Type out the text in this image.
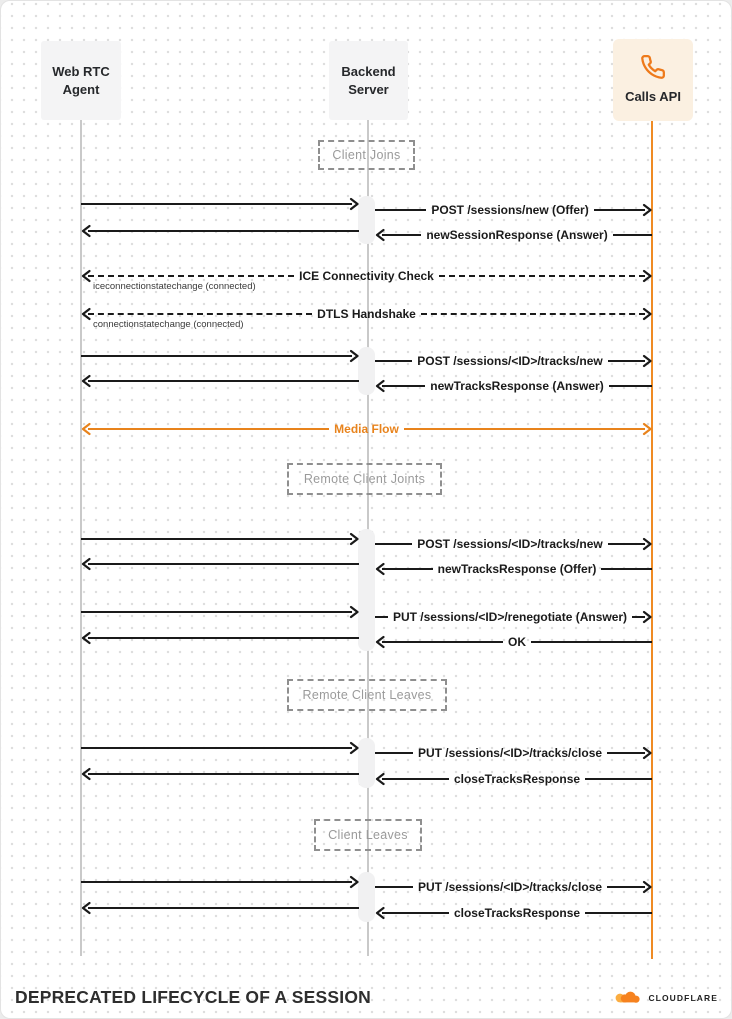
Web RTC
Agent
Backend
Server
Calls API
Client Joins
POST /sessions/new (Offer)
newSessionResponse (Answer)
ICE Connectivity Check
iceconnectionstatechange (connected)
DTLS Handshake
connectionstatechange (connected)
POST /sessions/<ID>/tracks/new
newTracksResponse (Answer)
Media Flow
Remote Client Joints
POST /sessions/<ID>/tracks/new
newTracksResponse (Offer)
PUT /sessions/<ID>/renegotiate (Answer)
OK
Remote Client Leaves
PUT /sessions/<ID>/tracks/close
closeTracksResponse
Client Leaves
PUT /sessions/<ID>/tracks/close
closeTracksResponse
DEPRECATED LIFECYCLE OF A SESSION	CLOUDFLARE
